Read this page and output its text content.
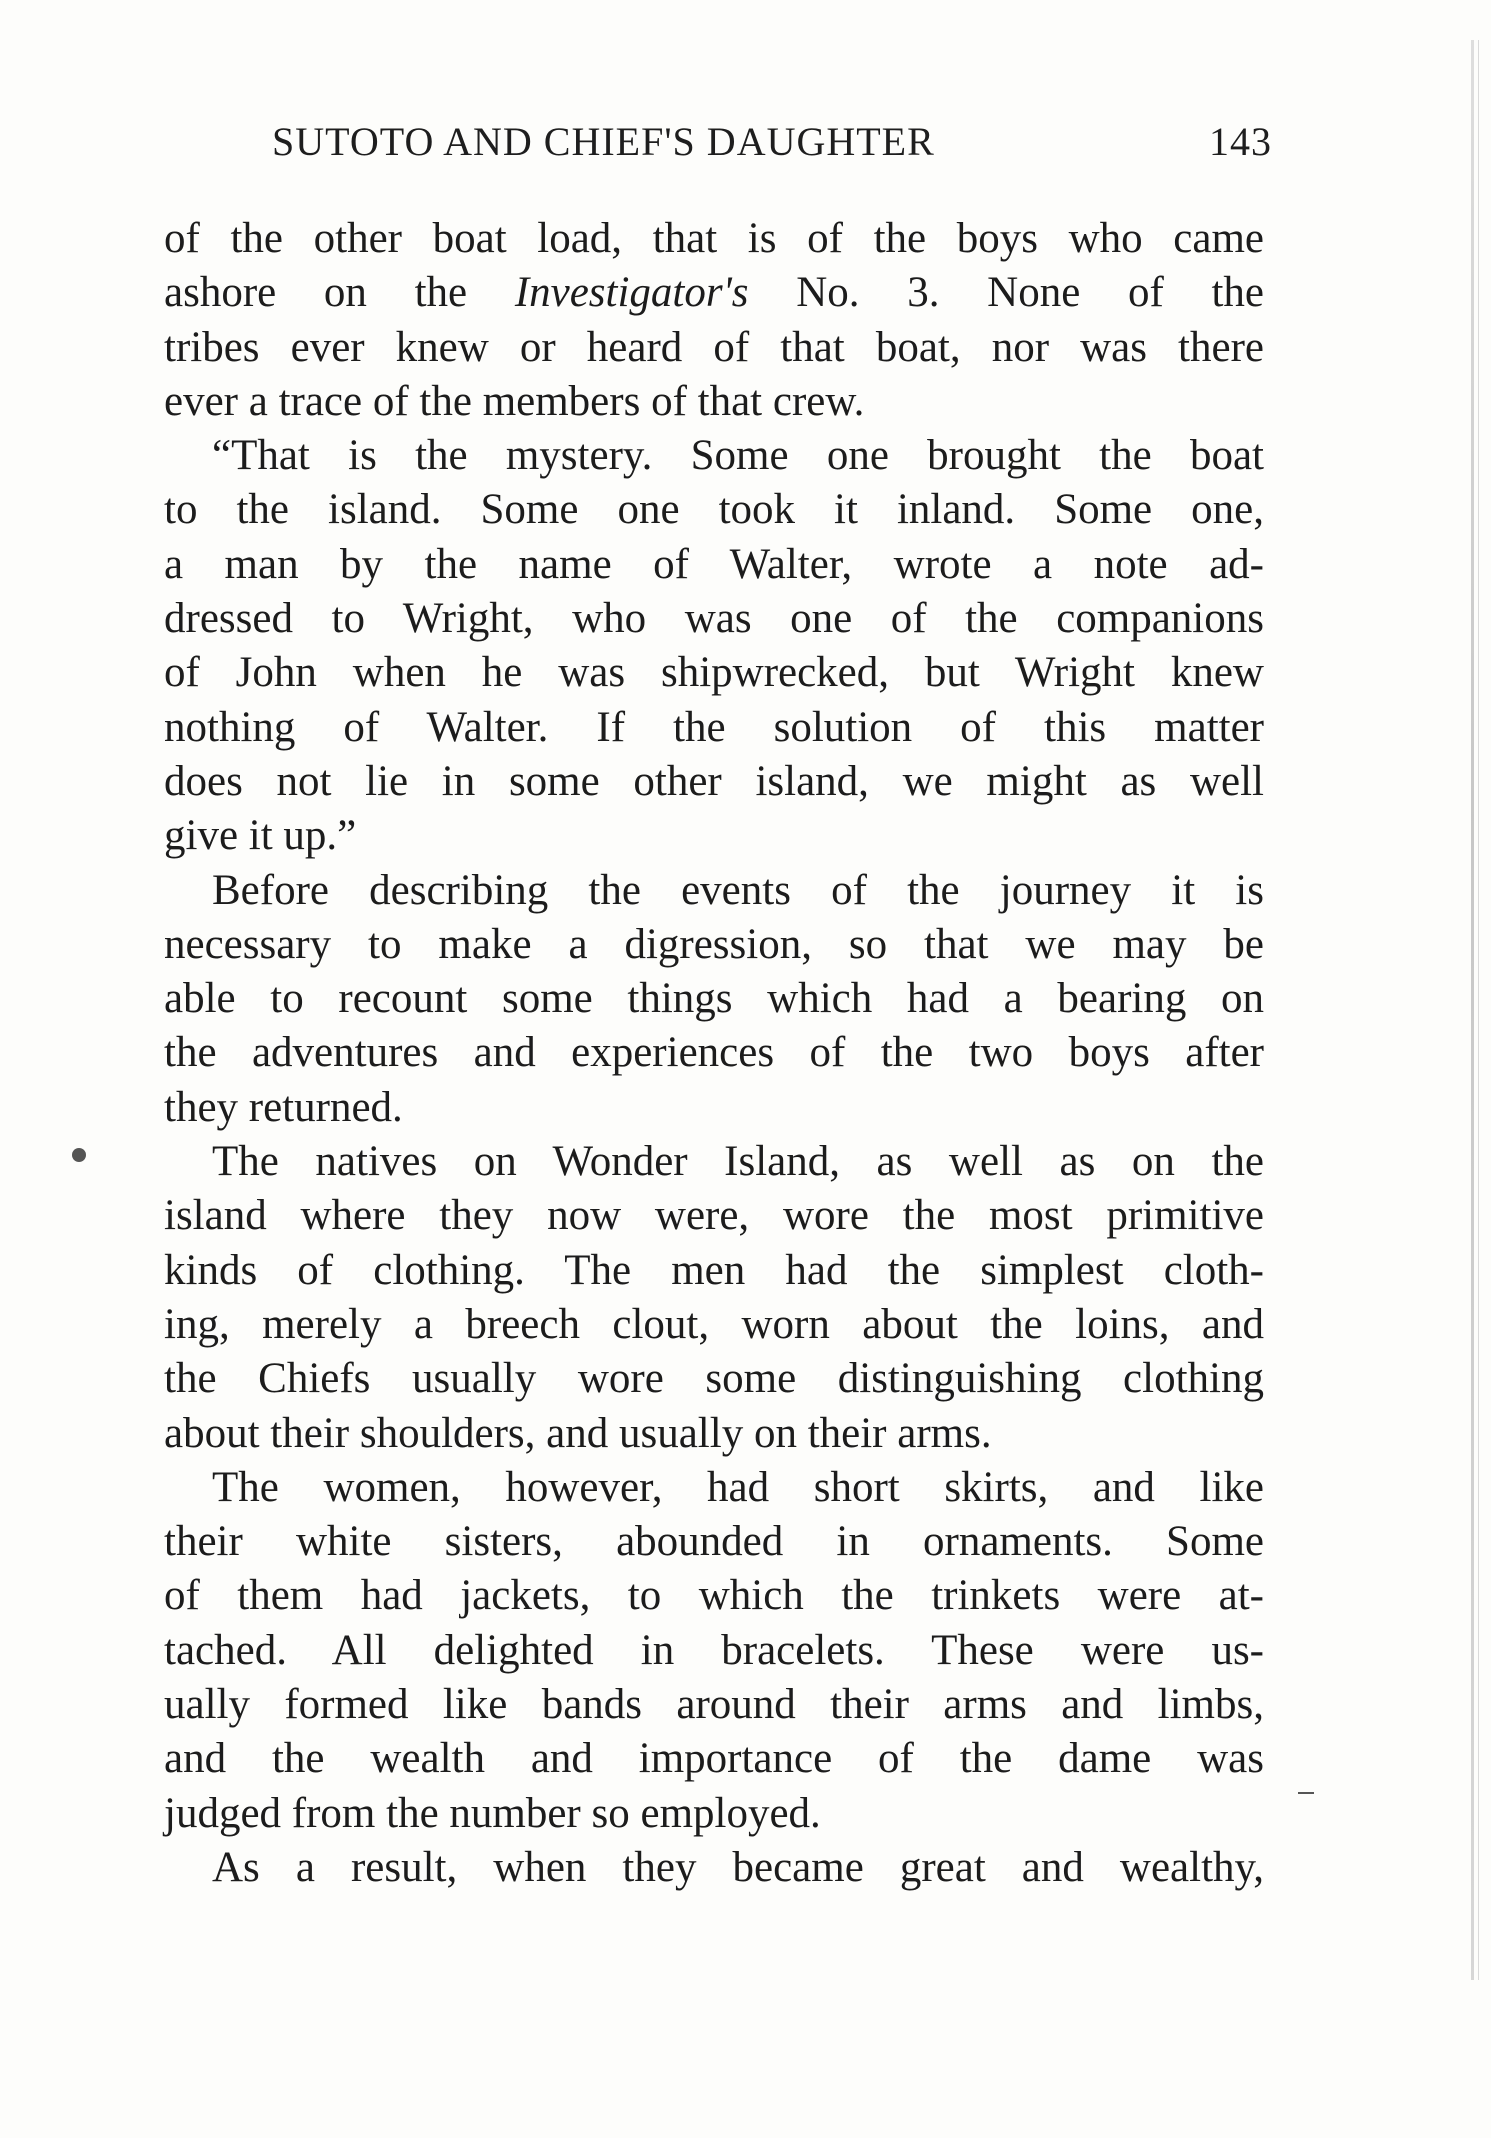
SUTOTO AND CHIEF'S DAUGHTER	143
of the other boat load, that is of the boys who came
ashore on the Investigator's No. 3. None of the
tribes ever knew or heard of that boat, nor was there
ever a trace of the members of that crew.
“That is the mystery. Some one brought the boat
to the island. Some one took it inland. Some one,
a man by the name of Walter, wrote a note ad-
dressed to Wright, who was one of the companions
of John when he was shipwrecked, but Wright knew
nothing of Walter. If the solution of this matter
does not lie in some other island, we might as well
give it up.”
Before describing the events of the journey it is
necessary to make a digression, so that we may be
able to recount some things which had a bearing on
the adventures and experiences of the two boys after
they returned.
The natives on Wonder Island, as well as on the
island where they now were, wore the most primitive
kinds of clothing. The men had the simplest cloth-
ing, merely a breech clout, worn about the loins, and
the Chiefs usually wore some distinguishing clothing
about their shoulders, and usually on their arms.
The women, however, had short skirts, and like
their white sisters, abounded in ornaments. Some
of them had jackets, to which the trinkets were at-
tached. All delighted in bracelets. These were us-
ually formed like bands around their arms and limbs,
and the wealth and importance of the dame was
judged from the number so employed.
As a result, when they became great and wealthy,
